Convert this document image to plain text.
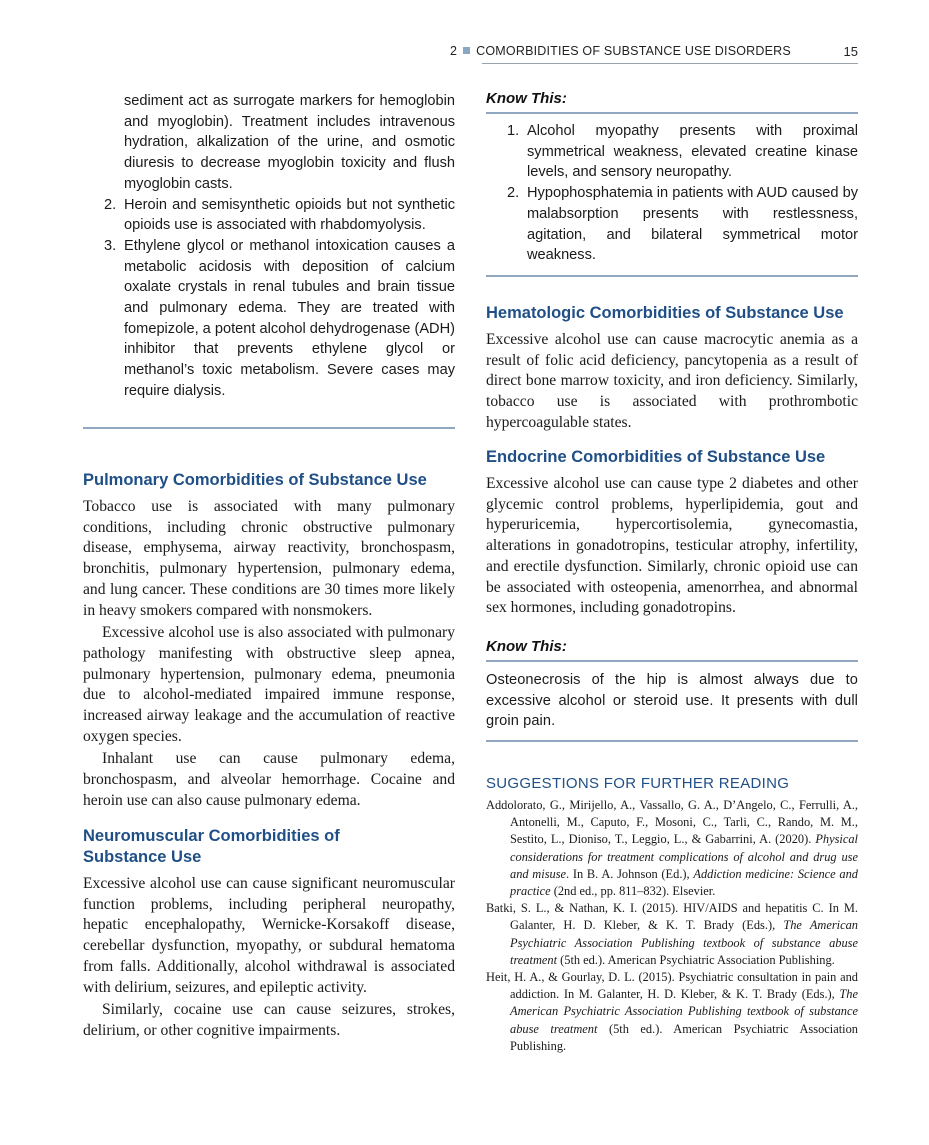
2 COMORBIDITIES OF SUBSTANCE USE DISORDERS	15
sediment act as surrogate markers for hemoglobin and myoglobin). Treatment includes intravenous hydration, alkalization of the urine, and osmotic diuresis to decrease myoglobin toxicity and flush myoglobin casts.
2. Heroin and semisynthetic opioids but not synthetic opioids use is associated with rhabdomyolysis.
3. Ethylene glycol or methanol intoxication causes a metabolic acidosis with deposition of calcium oxalate crystals in renal tubules and brain tissue and pulmonary edema. They are treated with fomepizole, a potent alcohol dehydrogenase (ADH) inhibitor that prevents ethylene glycol or methanol’s toxic metabolism. Severe cases may require dialysis.
Pulmonary Comorbidities of Substance Use

Tobacco use is associated with many pulmonary conditions, including chronic obstructive pulmonary disease, emphysema, airway reactivity, bronchospasm, bronchitis, pulmonary hypertension, pulmonary edema, and lung cancer. These conditions are 30 times more likely in heavy smokers compared with nonsmokers.

Excessive alcohol use is also associated with pulmonary pathology manifesting with obstructive sleep apnea, pulmonary hypertension, pulmonary edema, pneumonia due to alcohol-mediated impaired immune response, increased airway leakage and the accumulation of reactive oxygen species.

Inhalant use can cause pulmonary edema, bronchospasm, and alveolar hemorrhage. Cocaine and heroin use can also cause pulmonary edema.

Neuromuscular Comorbidities of
Substance Use

Excessive alcohol use can cause significant neuromuscular function problems, including peripheral neuropathy, hepatic encephalopathy, Wernicke-Korsakoff disease, cerebellar dysfunction, myopathy, or subdural hematoma from falls. Additionally, alcohol withdrawal is associated with delirium, seizures, and epileptic activity.

Similarly, cocaine use can cause seizures, strokes, delirium, or other cognitive impairments.

Know This:
1. Alcohol myopathy presents with proximal symmetrical weakness, elevated creatine kinase levels, and sensory neuropathy.
2. Hypophosphatemia in patients with AUD caused by malabsorption presents with restlessness, agitation, and bilateral symmetrical motor weakness.
Hematologic Comorbidities of Substance Use

Excessive alcohol use can cause macrocytic anemia as a result of folic acid deficiency, pancytopenia as a result of direct bone marrow toxicity, and iron deficiency. Similarly, tobacco use is associated with prothrombotic hypercoagulable states.

Endocrine Comorbidities of Substance Use

Excessive alcohol use can cause type 2 diabetes and other glycemic control problems, hyperlipidemia, gout and hyperuricemia, hypercortisolemia, gynecomastia, alterations in gonadotropins, testicular atrophy, infertility, and erectile dysfunction. Similarly, chronic opioid use can be associated with osteopenia, amenorrhea, and abnormal sex hormones, including gonadotropins.

Know This:

Osteonecrosis of the hip is almost always due to excessive alcohol or steroid use. It presents with dull groin pain.

SUGGESTIONS FOR FURTHER READING

Addolorato, G., Mirijello, A., Vassallo, G. A., D’Angelo, C., Ferrulli, A., Antonelli, M., Caputo, F., Mosoni, C., Tarli, C., Rando, M. M., Sestito, L., Dioniso, T., Leggio, L., & Gabarrini, A. (2020). Physical considerations for treatment complications of alcohol and drug use and misuse. In B. A. Johnson (Ed.), Addiction medicine: Science and practice (2nd ed., pp. 811–832). Elsevier.

Batki, S. L., & Nathan, K. I. (2015). HIV/AIDS and hepatitis C. In M. Galanter, H. D. Kleber, & K. T. Brady (Eds.), The American Psychiatric Association Publishing textbook of substance abuse treatment (5th ed.). American Psychiatric Association Publishing.

Heit, H. A., & Gourlay, D. L. (2015). Psychiatric consultation in pain and addiction. In M. Galanter, H. D. Kleber, & K. T. Brady (Eds.), The American Psychiatric Association Publishing textbook of substance abuse treatment (5th ed.). American Psychiatric Association Publishing.
